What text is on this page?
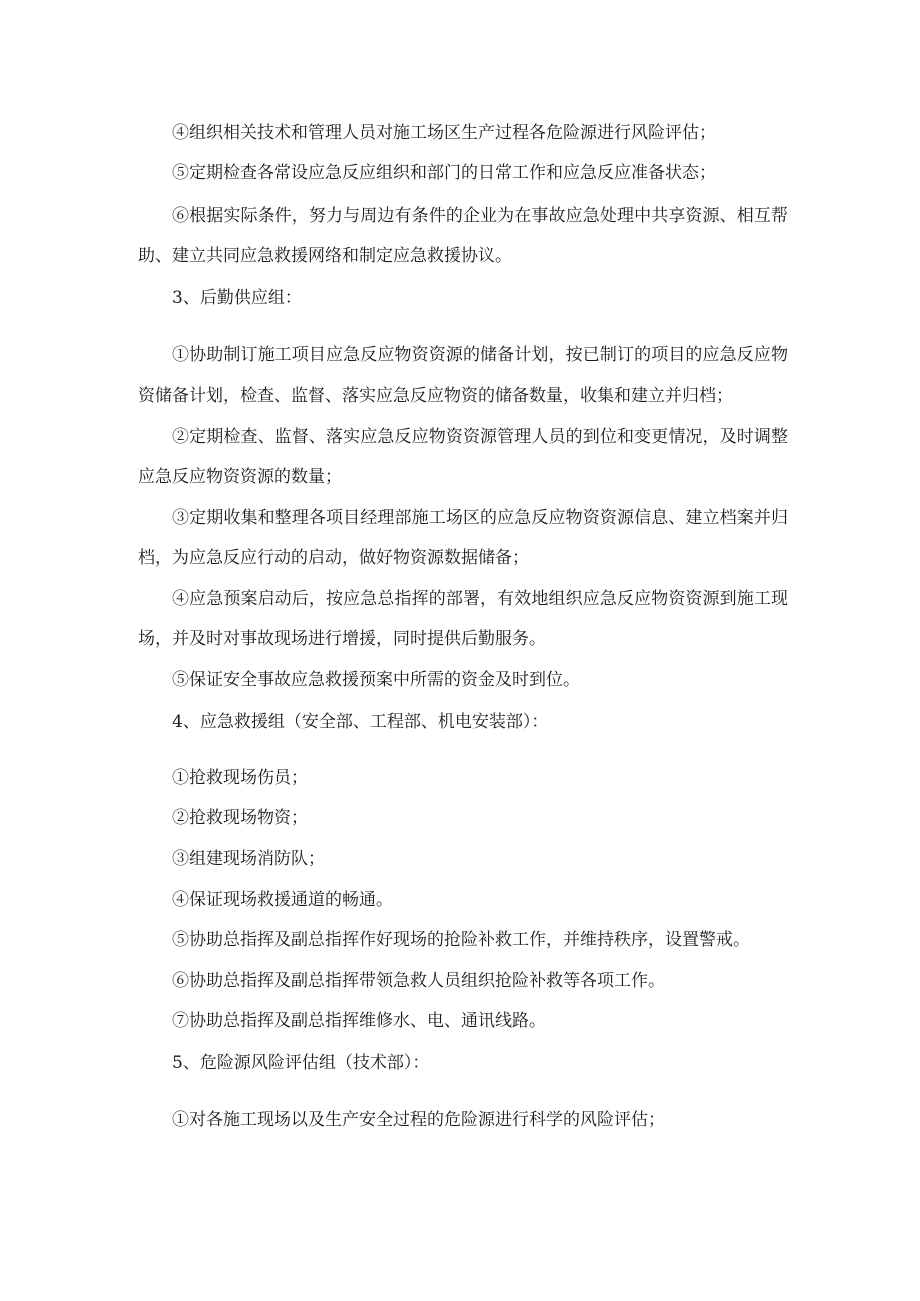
④组织相关技术和管理人员对施工场区生产过程各危险源进行风险评估；
⑤定期检查各常设应急反应组织和部门的日常工作和应急反应准备状态；
⑥根据实际条件，努力与周边有条件的企业为在事故应急处理中共享资源、相互帮
助、建立共同应急救援网络和制定应急救援协议。
3、后勤供应组：
①协助制订施工项目应急反应物资资源的储备计划，按已制订的项目的应急反应物
资储备计划，检查、监督、落实应急反应物资的储备数量，收集和建立并归档；
②定期检查、监督、落实应急反应物资资源管理人员的到位和变更情况，及时调整
应急反应物资资源的数量；
③定期收集和整理各项目经理部施工场区的应急反应物资资源信息、建立档案并归
档，为应急反应行动的启动，做好物资源数据储备；
④应急预案启动后，按应急总指挥的部署，有效地组织应急反应物资资源到施工现
场，并及时对事故现场进行增援，同时提供后勤服务。
⑤保证安全事故应急救援预案中所需的资金及时到位。
4、应急救援组（安全部、工程部、机电安装部）：
①抢救现场伤员；
②抢救现场物资；
③组建现场消防队；
④保证现场救援通道的畅通。
⑤协助总指挥及副总指挥作好现场的抢险补救工作，并维持秩序，设置警戒。
⑥协助总指挥及副总指挥带领急救人员组织抢险补救等各项工作。
⑦协助总指挥及副总指挥维修水、电、通讯线路。
5、危险源风险评估组（技术部）：
①对各施工现场以及生产安全过程的危险源进行科学的风险评估；
